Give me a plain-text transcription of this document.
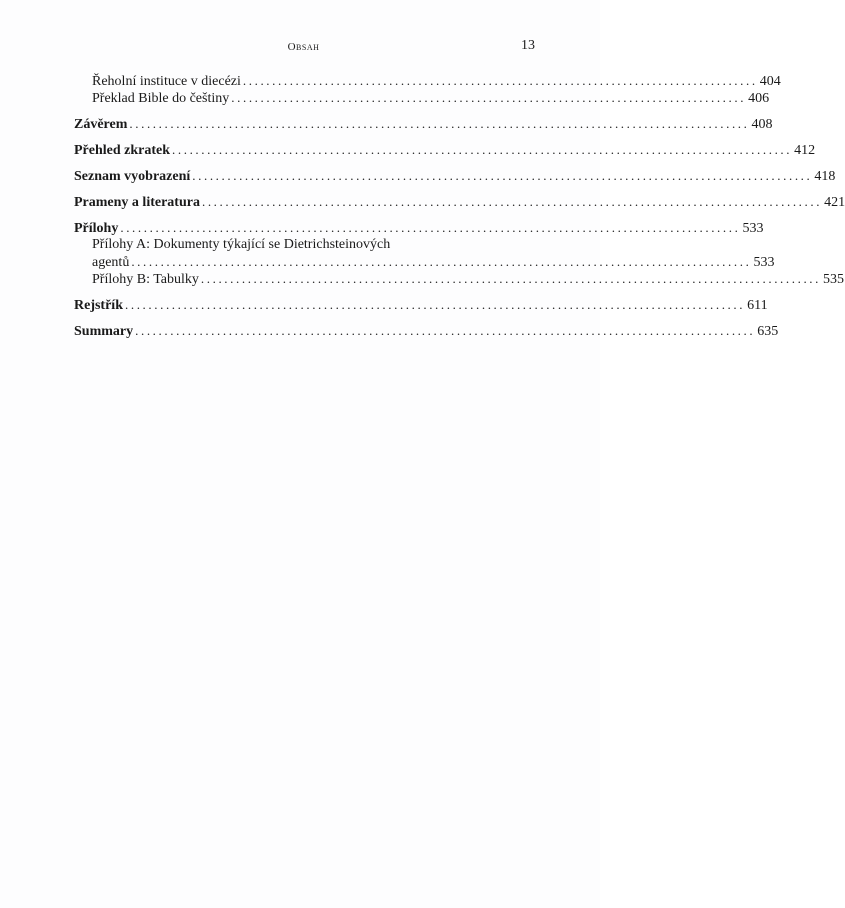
Obsah	13
Řeholní instituce v diecézi ........................................................................................ 404
Překlad Bible do češtiny ........................................................................................ 406
Závěrem .......................................................................................................... 408
Přehled zkratek .......................................................................................................... 412
Seznam vyobrazení .......................................................................................................... 418
Prameny a literatura .......................................................................................................... 421
Přílohy .......................................................................................................... 533
Přílohy A: Dokumenty týkající se Dietrichsteinových
agentů .......................................................................................................... 533
Přílohy B: Tabulky .......................................................................................................... 535
Rejstřík .......................................................................................................... 611
Summary .......................................................................................................... 635
